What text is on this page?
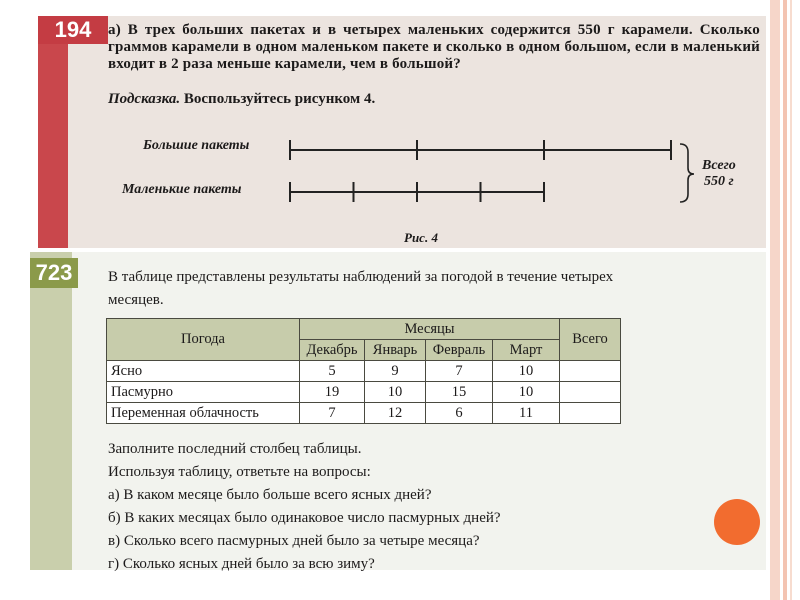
194	а) В трех больших пакетах и в четырех маленьких содержится 550 г карамели. Сколько граммов карамели в одном маленьком пакете и сколько в одном большом, если в маленький входит в 2 раза меньше карамели, чем в большой?
Подсказка. Воспользуйтесь рисунком 4.
Большие пакеты
Маленькие пакеты
Всего
550 г
Рис. 4
723	В таблице представлены результаты наблюдений за погодой в течение четырех месяцев.
Погода	Месяцы				Всего
	Декабрь	Январь	Февраль	Март	
Ясно	5	9	7	10	
Пасмурно	19	10	15	10	
Переменная облачность	7	12	6	11	
Заполните последний столбец таблицы.
Используя таблицу, ответьте на вопросы:
а) В каком месяце было больше всего ясных дней?
б) В каких месяцах было одинаковое число пасмурных дней?
в) Сколько всего пасмурных дней было за четыре месяца?
г) Сколько ясных дней было за всю зиму?
